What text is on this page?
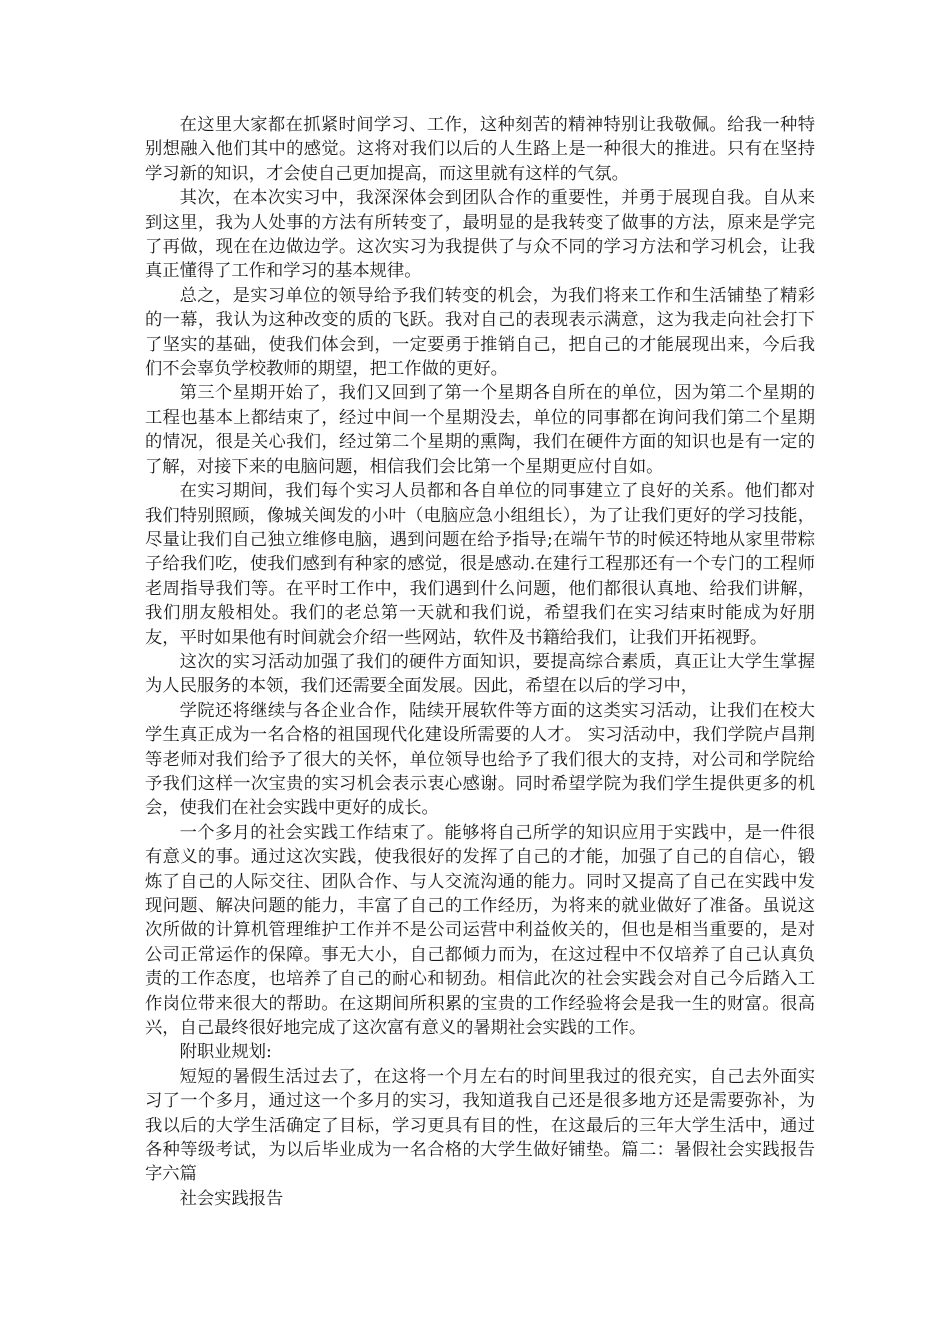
在这里大家都在抓紧时间学习、工作，这种刻苦的精神特别让我敬佩。给我一种特别想融入他们其中的感觉。这将对我们以后的人生路上是一种很大的推进。只有在坚持学习新的知识，才会使自己更加提高，而这里就有这样的气氛。

其次，在本次实习中，我深深体会到团队合作的重要性，并勇于展现自我。自从来到这里，我为人处事的方法有所转变了，最明显的是我转变了做事的方法，原来是学完了再做，现在在边做边学。这次实习为我提供了与众不同的学习方法和学习机会，让我真正懂得了工作和学习的基本规律。

总之，是实习单位的领导给予我们转变的机会，为我们将来工作和生活铺垫了精彩的一幕，我认为这种改变的质的飞跃。我对自己的表现表示满意，这为我走向社会打下了坚实的基础，使我们体会到，一定要勇于推销自己，把自己的才能展现出来，今后我们不会辜负学校教师的期望，把工作做的更好。

第三个星期开始了，我们又回到了第一个星期各自所在的单位，因为第二个星期的工程也基本上都结束了，经过中间一个星期没去，单位的同事都在询问我们第二个星期的情况，很是关心我们，经过第二个星期的熏陶，我们在硬件方面的知识也是有一定的了解，对接下来的电脑问题，相信我们会比第一个星期更应付自如。

在实习期间，我们每个实习人员都和各自单位的同事建立了良好的关系。他们都对我们特别照顾，像城关闽发的小叶（电脑应急小组组长），为了让我们更好的学习技能，尽量让我们自己独立维修电脑，遇到问题在给予指导;在端午节的时候还特地从家里带粽子给我们吃，使我们感到有种家的感觉，很是感动.在建行工程那还有一个专门的工程师老周指导我们等。在平时工作中，我们遇到什么问题，他们都很认真地、给我们讲解，我们朋友般相处。我们的老总第一天就和我们说，希望我们在实习结束时能成为好朋友，平时如果他有时间就会介绍一些网站，软件及书籍给我们，让我们开拓视野。

这次的实习活动加强了我们的硬件方面知识，要提高综合素质，真正让大学生掌握为人民服务的本领，我们还需要全面发展。因此，希望在以后的学习中，

学院还将继续与各企业合作，陆续开展软件等方面的这类实习活动，让我们在校大学生真正成为一名合格的祖国现代化建设所需要的人才。 实习活动中，我们学院卢昌荆等老师对我们给予了很大的关怀，单位领导也给予了我们很大的支持，对公司和学院给予我们这样一次宝贵的实习机会表示衷心感谢。同时希望学院为我们学生提供更多的机会，使我们在社会实践中更好的成长。

一个多月的社会实践工作结束了。能够将自己所学的知识应用于实践中，是一件很有意义的事。通过这次实践，使我很好的发挥了自己的才能，加强了自己的自信心，锻炼了自己的人际交往、团队合作、与人交流沟通的能力。同时又提高了自己在实践中发现问题、解决问题的能力，丰富了自己的工作经历，为将来的就业做好了准备。虽说这次所做的计算机管理维护工作并不是公司运营中利益攸关的，但也是相当重要的，是对公司正常运作的保障。事无大小，自己都倾力而为，在这过程中不仅培养了自己认真负责的工作态度，也培养了自己的耐心和韧劲。相信此次的社会实践会对自己今后踏入工作岗位带来很大的帮助。在这期间所积累的宝贵的工作经验将会是我一生的财富。很高兴，自己最终很好地完成了这次富有意义的暑期社会实践的工作。

附职业规划:

短短的暑假生活过去了，在这将一个月左右的时间里我过的很充实，自己去外面实习了一个多月，通过这一个多月的实习，我知道我自己还是很多地方还是需要弥补，为我以后的大学生活确定了目标，学习更具有目的性，在这最后的三年大学生活中，通过各种等级考试，为以后毕业成为一名合格的大学生做好铺垫。篇二：暑假社会实践报告　　　字六篇

社会实践报告
